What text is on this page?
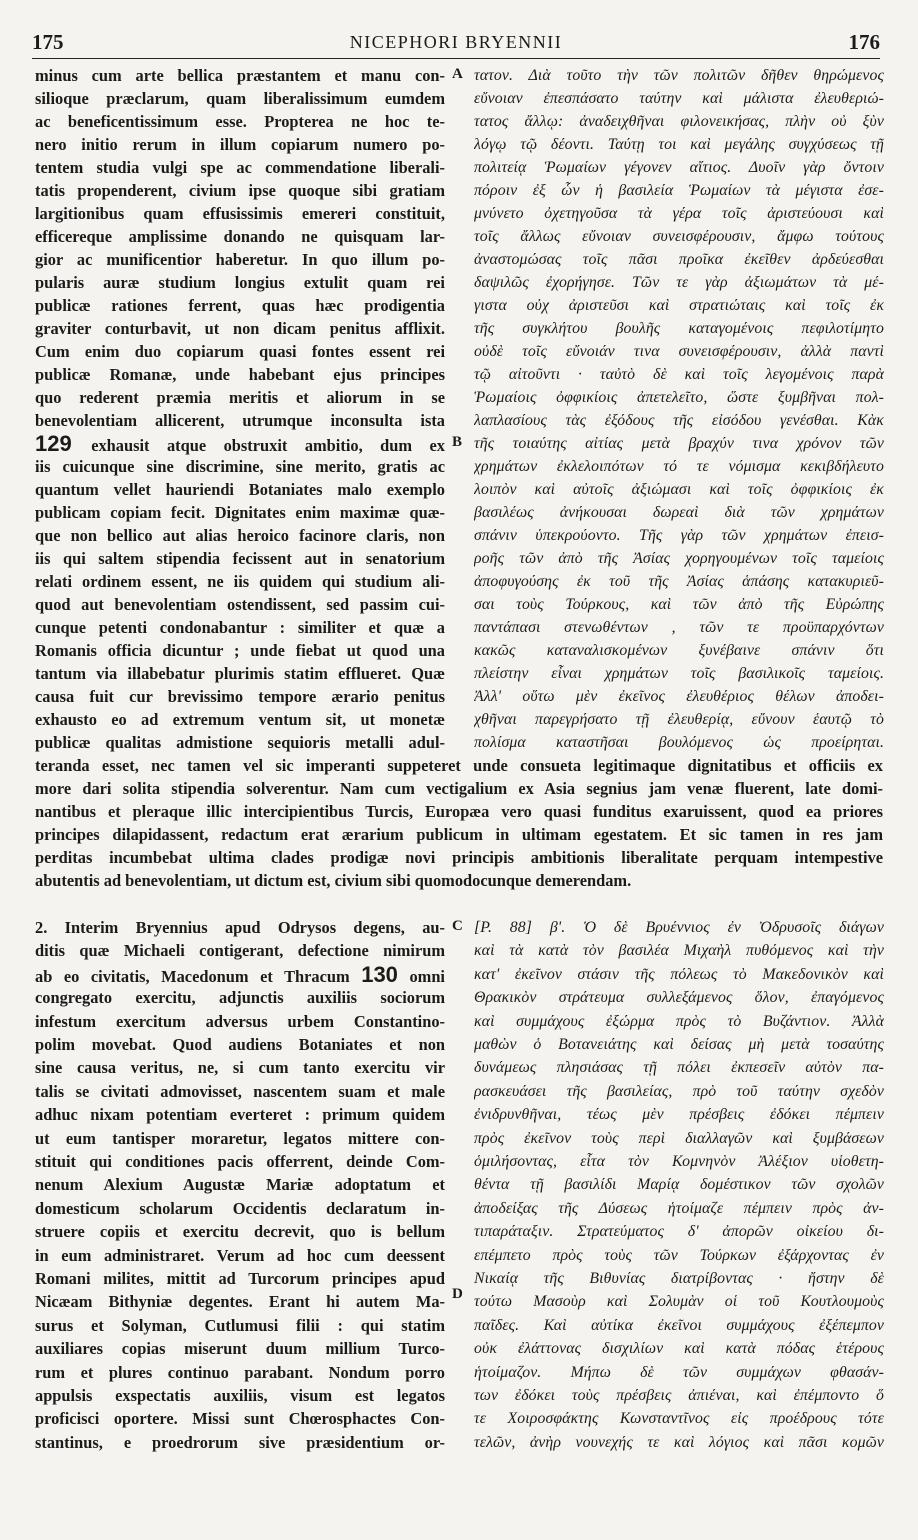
175	NICEPHORI BRYENNII	176
minus cum arte bellica præstantem et manu con-
silioque præclarum, quam liberalissimum eumdem
ac beneficentissimum esse. Propterea ne hoc te-
nero initio rerum in illum copiarum numero po-
tentem studia vulgi spe ac commendatione liberali-
tatis propenderent, civium ipse quoque sibi gratiam
largitionibus quam effusissimis emereri constituit,
efficereque amplissime donando ne quisquam lar-
gior ac munificentior haberetur. In quo illum po-
pularis auræ studium longius extulit quam rei
publicæ rationes ferrent, quas hæc prodigentia
graviter conturbavit, ut non dicam penitus afflixit.
Cum enim duo copiarum quasi fontes essent rei
publicæ Romanæ, unde habebant ejus principes
quo rederent præmia meritis et aliorum in se
benevolentiam allicerent, utrumque inconsulta ista
129 exhausit atque obstruxit ambitio, dum ex
iis cuicunque sine discrimine, sine merito, gratis ac
quantum vellet hauriendi Botaniates malo exemplo
publicam copiam fecit. Dignitates enim maximæ quæ-
que non bellico aut alias heroico facinore claris, non
iis qui saltem stipendia fecissent aut in senatorium
relati ordinem essent, ne iis quidem qui studium ali-
quod aut benevolentiam ostendissent, sed passim cui-
cunque petenti condonabantur : similiter et quæ a
Romanis officia dicuntur ; unde fiebat ut quod una
tantum via illabebatur plurimis statim efflueret. Quæ
causa fuit cur brevissimo tempore ærario penitus
exhausto eo ad extremum ventum sit, ut monetæ
publicæ qualitas admistione sequioris metalli adul-
τατον. Διὰ τοῦτο τὴν τῶν πολιτῶν δῆθεν θηρώμενος
εὔνοιαν ἐπεσπάσατο ταύτην καὶ μάλιστα ἐλευθεριώ-
τατος ἄλλῳ: ἀναδειχθῆναι φιλονεικήσας, πλὴν οὐ ξὺν
λόγῳ τῷ δέοντι. Ταύτῃ τοι καὶ μεγάλης συγχύσεως τῇ
πολιτείᾳ Ῥωμαίων γέγονεν αἴτιος. Δυοῖν γὰρ ὄντοιν
πόροιν ἐξ ὧν ἡ βασιλεία Ῥωμαίων τὰ μέγιστα ἐσε-
μνύνετο ὀχετηγοῦσα τὰ γέρα τοῖς ἀριστεύουσι καὶ
τοῖς ἄλλως εὔνοιαν συνεισφέρουσιν, ἄμφω τούτους
ἀναστομώσας τοῖς πᾶσι προῖκα ἐκεῖθεν ἀρδεύεσθαι
δαψιλῶς ἐχορήγησε. Τῶν τε γὰρ ἀξιωμάτων τὰ μέ-
γιστα οὐχ ἀριστεῦσι καὶ στρατιώταις καὶ τοῖς ἐκ
τῆς συγκλήτου βουλῆς καταγομένοις πεφιλοτίμητο
οὐδὲ τοῖς εὔνοιάν τινα συνεισφέρουσιν, ἀλλὰ παντὶ
τῷ αἰτοῦντι · ταὐτὸ δὲ καὶ τοῖς λεγομένοις παρὰ
Ῥωμαίοις ὀφφικίοις ἀπετελεῖτο, ὥστε ξυμβῆναι πολ-
λαπλασίους τὰς ἐξόδους τῆς εἰσόδου γενέσθαι. Κὰκ
τῆς τοιαύτης αἰτίας μετὰ βραχύν τινα χρόνον τῶν
χρημάτων ἐκλελοιπότων τό τε νόμισμα κεκιβδήλευτο
λοιπὸν καὶ αὐτοῖς ἀξιώμασι καὶ τοῖς ὀφφικίοις ἐκ
βασιλέως ἀνήκουσαι δωρεαὶ διὰ τῶν χρημάτων
σπάνιν ὑπεκρούοντο. Τῆς γὰρ τῶν χρημάτων ἐπεισ-
ροῆς τῶν ἀπὸ τῆς Ἀσίας χορηγουμένων τοῖς ταμείοις
ἀποφυγούσης ἐκ τοῦ τῆς Ἀσίας ἁπάσης κατακυριεῦ-
σαι τοὺς Τούρκους, καὶ τῶν ἀπὸ τῆς Εὐρώπης
παντάπασι στενωθέντων , τῶν τε προϋπαρχόντων
κακῶς καταναλισκομένων ξυνέβαινε σπάνιν ὅτι
πλείστην εἶναι χρημάτων τοῖς βασιλικοῖς ταμείοις.
Ἀλλ' οὕτω μὲν ἐκεῖνος ἐλευθέριος θέλων ἀποδει-
χθῆναι παρεγρήσατο τῇ ἐλευθερίᾳ, εὔνουν ἑαυτῷ τὸ
πολίσμα καταστῆσαι βουλόμενος ὡς προείρηται.
teranda esset, nec tamen vel sic imperanti suppeteret unde consueta legitimaque dignitatibus et officiis ex
more dari solita stipendia solverentur. Nam cum vectigalium ex Asia segnius jam venæ fluerent, late domi-
nantibus et pleraque illic intercipientibus Turcis, Europæa vero quasi funditus exaruissent, quod ea priores
principes dilapidassent, redactum erat ærarium publicum in ultimam egestatem. Et sic tamen in res jam
perditas incumbebat ultima clades prodigæ novi principis ambitionis liberalitate perquam intempestive
abutentis ad benevolentiam, ut dictum est, civium sibi quomodocunque demerendam.
2. Interim Bryennius apud Odrysos degens, au-
ditis quæ Michaeli contigerant, defectione nimirum
ab eo civitatis, Macedonum et Thracum 130 omni
congregato exercitu, adjunctis auxiliis sociorum
infestum exercitum adversus urbem Constantino-
polim movebat. Quod audiens Botaniates et non
sine causa veritus, ne, si cum tanto exercitu vir
talis se civitati admovisset, nascentem suam et male
adhuc nixam potentiam everteret : primum quidem
ut eum tantisper moraretur, legatos mittere con-
stituit qui conditiones pacis offerrent, deinde Com-
nenum Alexium Augustæ Mariæ adoptatum et
domesticum scholarum Occidentis declaratum in-
struere copiis et exercitu decrevit, quo is bellum
in eum administraret. Verum ad hoc cum deessent
Romani milites, mittit ad Turcorum principes apud
Nicæam Bithyniæ degentes. Erant hi autem Ma-
surus et Solyman, Cutlumusi filii : qui statim
auxiliares copias miserunt duum millium Turco-
rum et plures continuo parabant. Nondum porro
appulsis exspectatis auxiliis, visum est legatos
proficisci oportere. Missi sunt Chœrosphactes Con-
stantinus, e proedrorum sive præsidentium or-
[P. 88] β'. Ὁ δὲ Βρυέννιος ἐν Ὀδρυσοῖς διάγων
καὶ τὰ κατὰ τὸν βασιλέα Μιχαὴλ πυθόμενος καὶ τὴν
κατ' ἐκεῖνον στάσιν τῆς πόλεως τὸ Μακεδονικὸν καὶ
Θρακικὸν στράτευμα συλλεξάμενος ὅλον, ἐπαγόμενος
καὶ συμμάχους ἐξώρμα πρὸς τὸ Βυζάντιον. Ἀλλὰ
μαθὼν ὁ Βοτανειάτης καὶ δείσας μὴ μετὰ τοσαύτης
δυνάμεως πλησιάσας τῇ πόλει ἐκπεσεῖν αὐτὸν πα-
ρασκευάσει τῆς βασιλείας, πρὸ τοῦ ταύτην σχεδὸν
ἐνιδρυνθῆναι, τέως μὲν πρέσβεις ἐδόκει πέμπειν
πρὸς ἐκεῖνον τοὺς περὶ διαλλαγῶν καὶ ξυμβάσεων
ὁμιλήσοντας, εἶτα τὸν Κομνηνὸν Ἀλέξιον υἱοθετη-
θέντα τῇ βασιλίδι Μαρίᾳ δομέστικον τῶν σχολῶν
ἀποδείξας τῆς Δύσεως ἡτοίμαζε πέμπειν πρὸς ἀν-
τιπαράταξιν. Στρατεύματος δ' ἀπορῶν οἰκείου δι-
επέμπετο πρὸς τοὺς τῶν Τούρκων ἐξάρχοντας ἐν
Νικαίᾳ τῆς Βιθυνίας διατρίβοντας · ἤστην δὲ
τούτω Μασοὺρ καὶ Σολυμὰν οἱ τοῦ Κουτλουμοὺς
παῖδες. Καὶ αὐτίκα ἐκεῖνοι συμμάχους ἐξέπεμπον
οὐκ ἐλάττονας δισχιλίων καὶ κατὰ πόδας ἑτέρους
ἡτοίμαζον. Μήπω δὲ τῶν συμμάχων φθασάν-
των ἐδόκει τοὺς πρέσβεις ἀπιέναι, καὶ ἐπέμποντο ὅ
τε Χοιροσφάκτης Κωνσταντῖνος εἰς προέδρους τότε
τελῶν, ἀνὴρ νουνεχής τε καὶ λόγιος καὶ πᾶσι κομῶν
A
B
C
D
